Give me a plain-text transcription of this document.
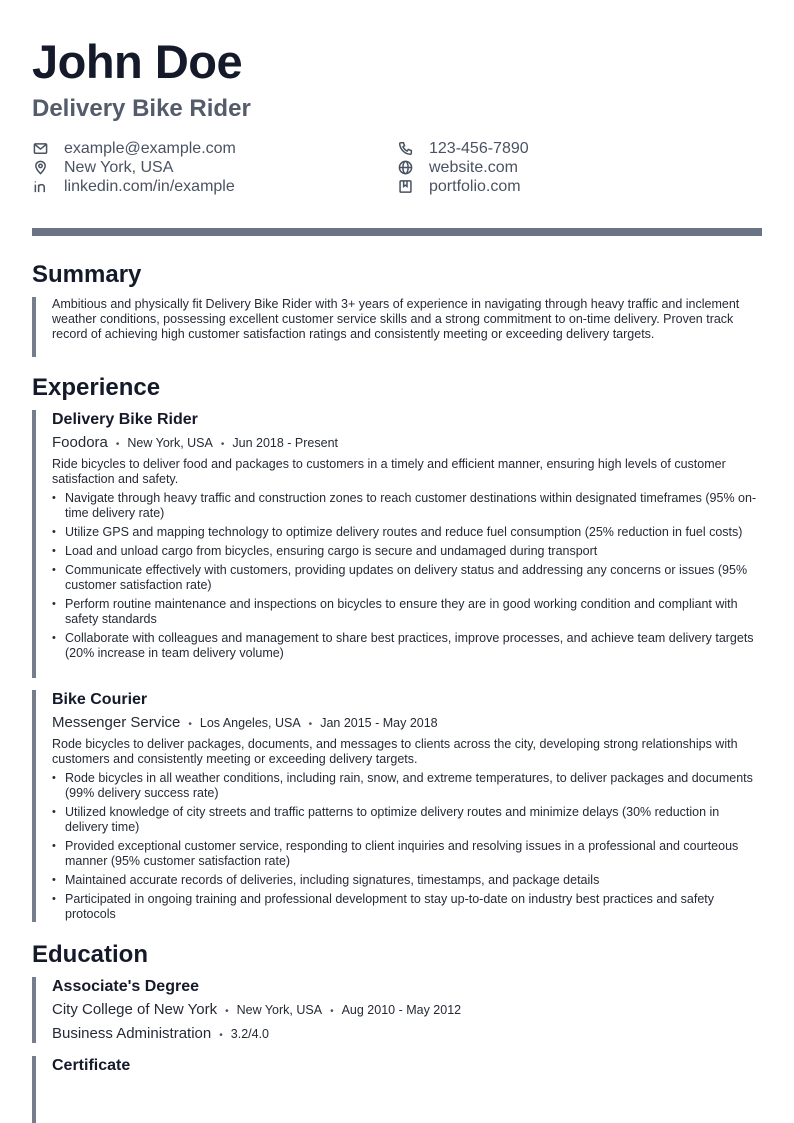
John Doe
Delivery Bike Rider
example@example.com	123-456-7890
New York, USA	website.com
linkedin.com/in/example	portfolio.com
Summary

Ambitious and physically fit Delivery Bike Rider with 3+ years of experience in navigating through heavy traffic and inclement weather conditions, possessing excellent customer service skills and a strong commitment to on-time delivery. Proven track record of achieving high customer satisfaction ratings and consistently meeting or exceeding delivery targets.

Experience

Delivery Bike Rider

Foodora • New York, USA • Jun 2018 - Present

Ride bicycles to deliver food and packages to customers in a timely and efficient manner, ensuring high levels of customer satisfaction and safety.

• Navigate through heavy traffic and construction zones to reach customer destinations within designated timeframes (95% on-time delivery rate)
• Utilize GPS and mapping technology to optimize delivery routes and reduce fuel consumption (25% reduction in fuel costs)
• Load and unload cargo from bicycles, ensuring cargo is secure and undamaged during transport
• Communicate effectively with customers, providing updates on delivery status and addressing any concerns or issues (95% customer satisfaction rate)
• Perform routine maintenance and inspections on bicycles to ensure they are in good working condition and compliant with safety standards
• Collaborate with colleagues and management to share best practices, improve processes, and achieve team delivery targets (20% increase in team delivery volume)

Bike Courier

Messenger Service • Los Angeles, USA • Jan 2015 - May 2018

Rode bicycles to deliver packages, documents, and messages to clients across the city, developing strong relationships with customers and consistently meeting or exceeding delivery targets.

• Rode bicycles in all weather conditions, including rain, snow, and extreme temperatures, to deliver packages and documents (99% delivery success rate)
• Utilized knowledge of city streets and traffic patterns to optimize delivery routes and minimize delays (30% reduction in delivery time)
• Provided exceptional customer service, responding to client inquiries and resolving issues in a professional and courteous manner (95% customer satisfaction rate)
• Maintained accurate records of deliveries, including signatures, timestamps, and package details
• Participated in ongoing training and professional development to stay up-to-date on industry best practices and safety protocols
Education

Associate's Degree

City College of New York • New York, USA • Aug 2010 - May 2012
Business Administration • 3.2/4.0

Certificate
